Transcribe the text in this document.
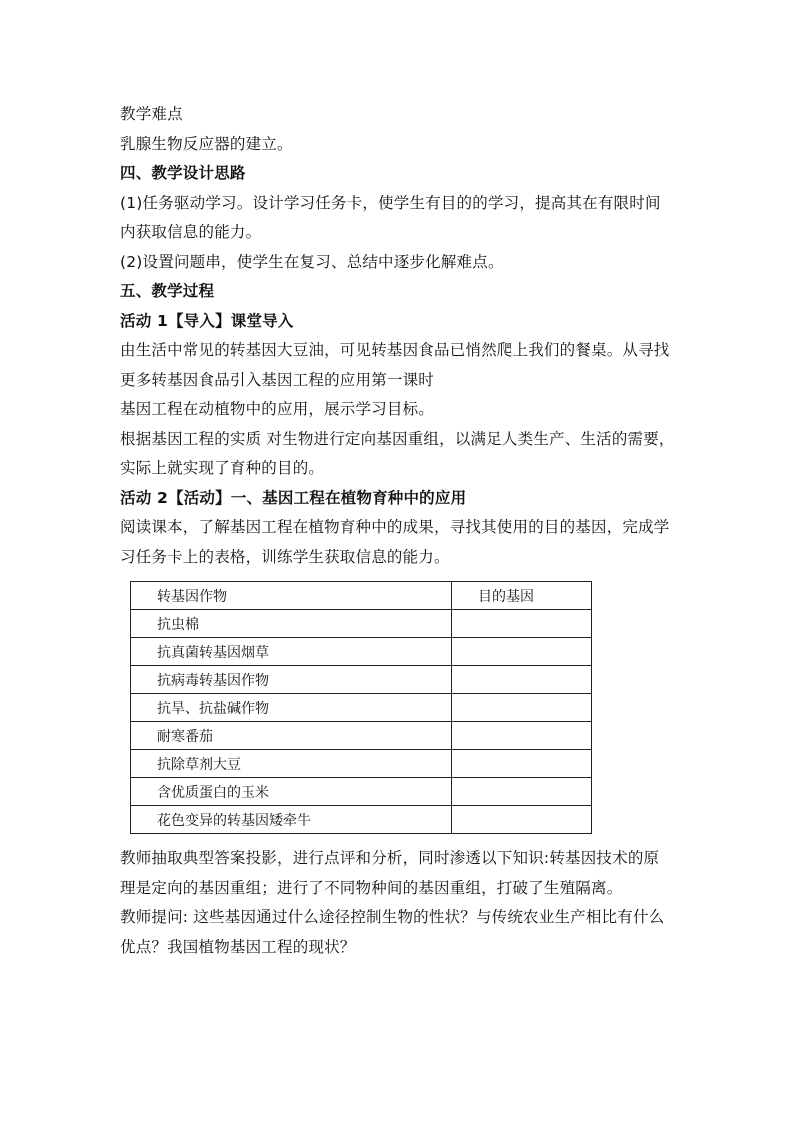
教学难点
乳腺生物反应器的建立。
四、教学设计思路
(1)任务驱动学习。设计学习任务卡，使学生有目的的学习，提高其在有限时间
内获取信息的能力。
(2)设置问题串，使学生在复习、总结中逐步化解难点。
五、教学过程
活动 1【导入】课堂导入
由生活中常见的转基因大豆油，可见转基因食品已悄然爬上我们的餐桌。从寻找
更多转基因食品引入基因工程的应用第一课时
基因工程在动植物中的应用，展示学习目标。
根据基因工程的实质 对生物进行定向基因重组，以满足人类生产、生活的需要，
实际上就实现了育种的目的。
活动 2【活动】一、基因工程在植物育种中的应用
阅读课本，了解基因工程在植物育种中的成果，寻找其使用的目的基因，完成学
习任务卡上的表格，训练学生获取信息的能力。
转基因作物	目的基因
抗虫棉	
抗真菌转基因烟草	
抗病毒转基因作物	
抗旱、抗盐碱作物	
耐寒番茄	
抗除草剂大豆	
含优质蛋白的玉米	
花色变异的转基因矮牵牛	
教师抽取典型答案投影，进行点评和分析，同时渗透以下知识:转基因技术的原
理是定向的基因重组；进行了不同物种间的基因重组，打破了生殖隔离。
教师提问: 这些基因通过什么途径控制生物的性状？与传统农业生产相比有什么
优点？我国植物基因工程的现状？
